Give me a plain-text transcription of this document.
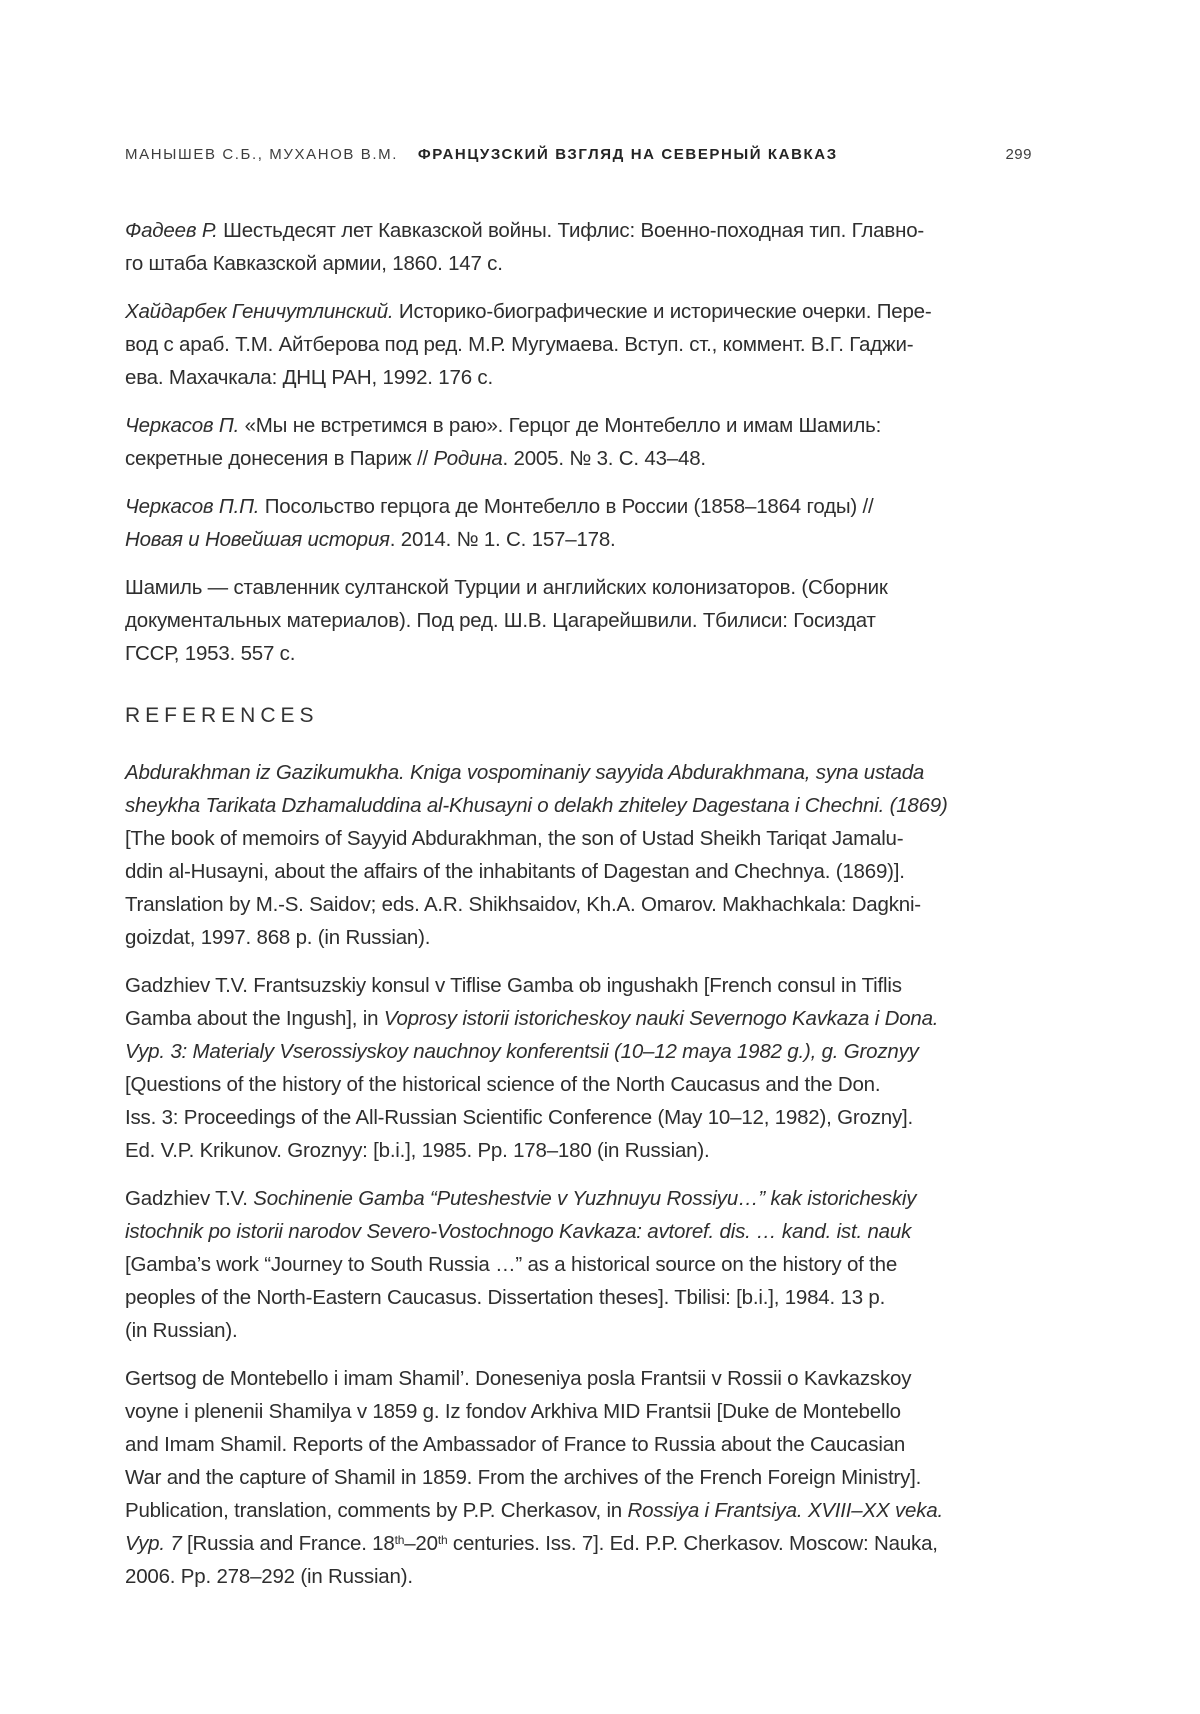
МАНЫШЕВ С.Б., МУХАНОВ В.М. ФРАНЦУЗСКИЙ ВЗГЛЯД НА СЕВЕРНЫЙ КАВКАЗ	299
Фадеев Р. Шестьдесят лет Кавказской войны. Тифлис: Военно-походная тип. Главно-
го штаба Кавказской армии, 1860. 147 с.
Хайдарбек Геничутлинский. Историко-биографические и исторические очерки. Пере-
вод с араб. Т.М. Айтберова под ред. М.Р. Мугумаева. Вступ. ст., коммент. В.Г. Гаджи-
ева. Махачкала: ДНЦ РАН, 1992. 176 с.
Черкасов П. «Мы не встретимся в раю». Герцог де Монтебелло и имам Шамиль:
секретные донесения в Париж // Родина. 2005. № 3. С. 43–48.
Черкасов П.П. Посольство герцога де Монтебелло в России (1858–1864 годы) //
Новая и Новейшая история. 2014. № 1. С. 157–178.
Шамиль — ставленник султанской Турции и английских колонизаторов. (Сборник
документальных материалов). Под ред. Ш.В. Цагарейшвили. Тбилиси: Госиздат
ГССР, 1953. 557 с.
REFERENCES
Abdurakhman iz Gazikumukha. Kniga vospominaniy sayyida Abdurakhmana, syna ustada
sheykha Tarikata Dzhamaluddina al-Khusayni o delakh zhiteley Dagestana i Chechni. (1869)
[The book of memoirs of Sayyid Abdurakhman, the son of Ustad Sheikh Tariqat Jamalu-
ddin al-Husayni, about the affairs of the inhabitants of Dagestan and Chechnya. (1869)].
Translation by M.-S. Saidov; eds. A.R. Shikhsaidov, Kh.A. Omarov. Makhachkala: Dagkni-
goizdat, 1997. 868 p. (in Russian).
Gadzhiev T.V. Frantsuzskiy konsul v Tiflise Gamba ob ingushakh [French consul in Tiflis
Gamba about the Ingush], in Voprosy istorii istoricheskoy nauki Severnogo Kavkaza i Dona.
Vyp. 3: Materialy Vserossiyskoy nauchnoy konferentsii (10–12 maya 1982 g.), g. Groznyy
[Questions of the history of the historical science of the North Caucasus and the Don.
Iss. 3: Proceedings of the All-Russian Scientific Conference (May 10–12, 1982), Grozny].
Ed. V.P. Krikunov. Groznyy: [b.i.], 1985. Pp. 178–180 (in Russian).
Gadzhiev T.V. Sochinenie Gamba “Puteshestvie v Yuzhnuyu Rossiyu…” kak istoricheskiy
istochnik po istorii narodov Severo-Vostochnogo Kavkaza: avtoref. dis. … kand. ist. nauk
[Gamba’s work “Journey to South Russia …” as a historical source on the history of the
peoples of the North-Eastern Caucasus. Dissertation theses]. Tbilisi: [b.i.], 1984. 13 p.
(in Russian).
Gertsog de Montebello i imam Shamil’. Doneseniya posla Frantsii v Rossii o Kavkazskoy
voyne i plenenii Shamilya v 1859 g. Iz fondov Arkhiva MID Frantsii [Duke de Montebello
and Imam Shamil. Reports of the Ambassador of France to Russia about the Caucasian
War and the capture of Shamil in 1859. From the archives of the French Foreign Ministry].
Publication, translation, comments by P.P. Cherkasov, in Rossiya i Frantsiya. XVIII–XX veka.
Vyp. 7 [Russia and France. 18th–20th centuries. Iss. 7]. Ed. P.P. Cherkasov. Moscow: Nauka,
2006. Pp. 278–292 (in Russian).
